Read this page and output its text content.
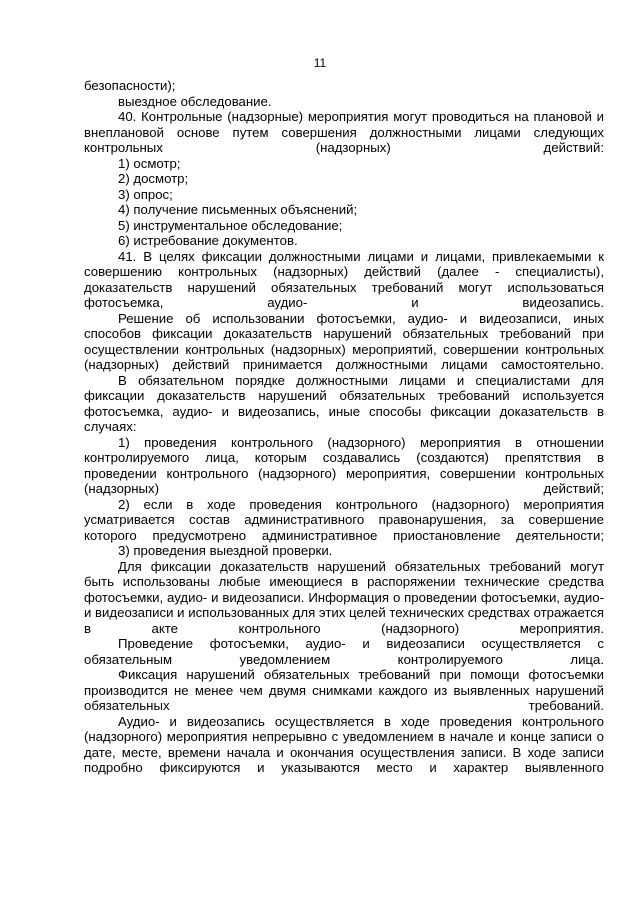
11

безопасности);

выездное обследование.

40. Контрольные (надзорные) мероприятия могут проводиться на плановой и внеплановой основе путем совершения должностными лицами следующих контрольных (надзорных) действий:

1) осмотр;

2) досмотр;

3) опрос;

4) получение письменных объяснений;

5) инструментальное обследование;

6) истребование документов.

41. В целях фиксации должностными лицами и лицами, привлекаемыми к совершению контрольных (надзорных) действий (далее - специалисты), доказательств нарушений обязательных требований могут использоваться фотосъемка, аудио- и видеозапись.

Решение об использовании фотосъемки, аудио- и видеозаписи, иных способов фиксации доказательств нарушений обязательных требований при осуществлении контрольных (надзорных) мероприятий, совершении контрольных (надзорных) действий принимается должностными лицами самостоятельно.

В обязательном порядке должностными лицами и специалистами для фиксации доказательств нарушений обязательных требований используется фотосъемка, аудио- и видеозапись, иные способы фиксации доказательств в случаях:

1) проведения контрольного (надзорного) мероприятия в отношении контролируемого лица, которым создавались (создаются) препятствия в проведении контрольного (надзорного) мероприятия, совершении контрольных (надзорных) действий;

2) если в ходе проведения контрольного (надзорного) мероприятия усматривается состав административного правонарушения, за совершение которого предусмотрено административное приостановление деятельности;

3) проведения выездной проверки.

Для фиксации доказательств нарушений обязательных требований могут быть использованы любые имеющиеся в распоряжении технические средства фотосъемки, аудио- и видеозаписи. Информация о проведении фотосъемки, аудио- и видеозаписи и использованных для этих целей технических средствах отражается в акте контрольного (надзорного) мероприятия.

Проведение фотосъемки, аудио- и видеозаписи осуществляется с обязательным уведомлением контролируемого лица.

Фиксация нарушений обязательных требований при помощи фотосъемки производится не менее чем двумя снимками каждого из выявленных нарушений обязательных требований.

Аудио- и видеозапись осуществляется в ходе проведения контрольного (надзорного) мероприятия непрерывно с уведомлением в начале и конце записи о дате, месте, времени начала и окончания осуществления записи. В ходе записи подробно фиксируются и указываются место и характер выявленного
